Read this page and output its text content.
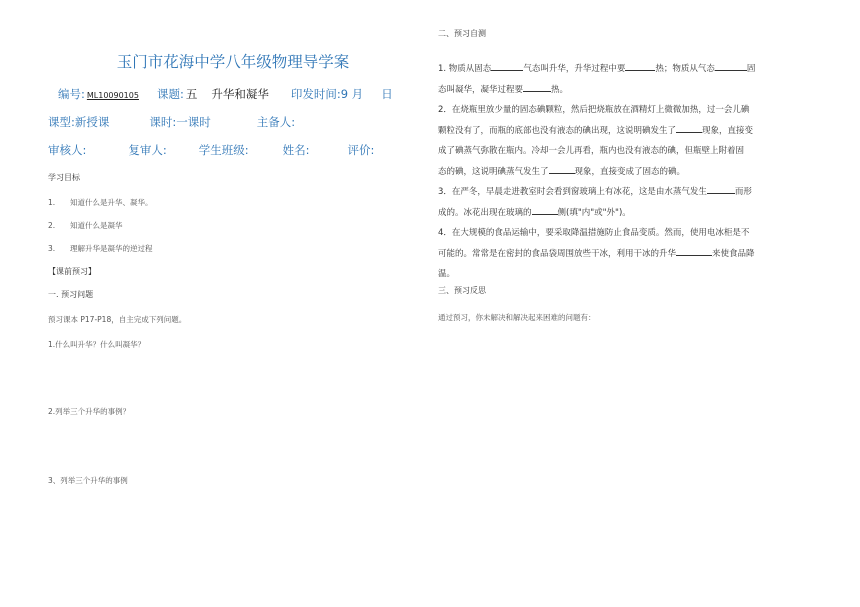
玉门市花海中学八年级物理导学案
编号: ML10090105	课题: 五 升华和凝华 印发时间: 9 月 日
课型: 新授课	课时: 一课时	主备人:
审核人:	复审人:	学生班级:	姓名:	评价:
学习目标
1. 知道什么是升华、凝华。
2. 知道什么是凝华
3. 理解升华是凝华的逆过程
【课前预习】
一. 预习问题
预习课本 P17-P18，自主完成下列问题。
1.什么叫升华？什么叫凝华？
2.列举三个升华的事例？
3、列举三个升华的事例
二、预习自测

1. 物质从固态	气态叫升华，升华过程中要	热；物质从气态	固
态叫凝华，凝华过程要	热。

2．在烧瓶里放少量的固态碘颗粒，然后把烧瓶放在酒精灯上微微加热，过一会儿碘
颗粒没有了，而瓶的底部也没有液态的碘出现，这说明碘发生了	现象，直接变
成了碘蒸气弥散在瓶内。冷却一会儿再看，瓶内也没有液态的碘，但瓶壁上附着固
态的碘，这说明碘蒸气发生了	现象，直接变成了固态的碘。

3．在严冬，早晨走进教室时会看到窗玻璃上有冰花，这是由水蒸气发生	而形
成的。冰花出现在玻璃的	侧(填"内"或"外")。

4．在大规模的食品运输中，要采取降温措施防止食品变质。然而，使用电冰柜是不
可能的。常常是在密封的食品袋周围放些干冰，利用干冰的升华	来使食品降
温。

三、预习反思
通过预习，你未解决和解决起来困难的问题有：
